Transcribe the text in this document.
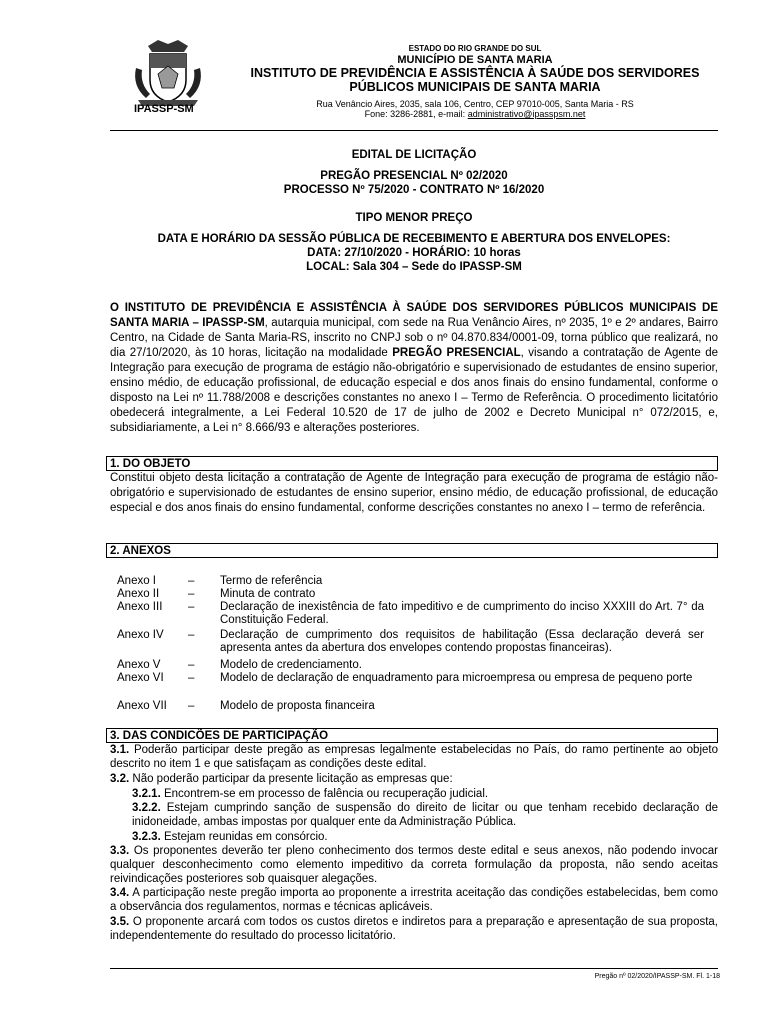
IPASSP-SM
ESTADO DO RIO GRANDE DO SUL
MUNICÍPIO DE SANTA MARIA
INSTITUTO DE PREVIDÊNCIA E ASSISTÊNCIA À SAÚDE DOS SERVIDORES
PÚBLICOS MUNICIPAIS DE SANTA MARIA
Rua Venâncio Aires, 2035, sala 106, Centro, CEP 97010-005, Santa Maria - RS
Fone: 3286-2881, e-mail: administrativo@ipasspsm.net
EDITAL DE LICITAÇÃO
PREGÃO PRESENCIAL Nº 02/2020
PROCESSO Nº 75/2020 - CONTRATO Nº 16/2020
TIPO MENOR PREÇO
DATA E HORÁRIO DA SESSÃO PÚBLICA DE RECEBIMENTO E ABERTURA DOS ENVELOPES:
DATA: 27/10/2020 - HORÁRIO: 10 horas
LOCAL: Sala 304 – Sede do IPASSP-SM
O INSTITUTO DE PREVIDÊNCIA E ASSISTÊNCIA À SAÚDE DOS SERVIDORES PÚBLICOS MUNICIPAIS DE SANTA MARIA – IPASSP-SM, autarquia municipal, com sede na Rua Venâncio Aires, nº 2035, 1º e 2º andares, Bairro Centro, na Cidade de Santa Maria-RS, inscrito no CNPJ sob o nº 04.870.834/0001-09, torna público que realizará, no dia 27/10/2020, às 10 horas, licitação na modalidade PREGÃO PRESENCIAL, visando a contratação de Agente de Integração para execução de programa de estágio não-obrigatório e supervisionado de estudantes de ensino superior, ensino médio, de educação profissional, de educação especial e dos anos finais do ensino fundamental, conforme o disposto na Lei nº 11.788/2008 e descrições constantes no anexo I – Termo de Referência. O procedimento licitatório obedecerá integralmente, a Lei Federal 10.520 de 17 de julho de 2002 e Decreto Municipal n° 072/2015, e, subsidiariamente, a Lei n° 8.666/93 e alterações posteriores.
1. DO OBJETO
Constitui objeto desta licitação a contratação de Agente de Integração para execução de programa de estágio não-obrigatório e supervisionado de estudantes de ensino superior, ensino médio, de educação profissional, de educação especial e dos anos finais do ensino fundamental, conforme descrições constantes no anexo I – termo de referência.
2. ANEXOS
Anexo I	–	Termo de referência
Anexo II	–	Minuta de contrato
Anexo III	–	Declaração de inexistência de fato impeditivo e de cumprimento do inciso XXXIII do Art. 7° da Constituição Federal.
Anexo IV	–	Declaração de cumprimento dos requisitos de habilitação (Essa declaração deverá ser apresenta antes da abertura dos envelopes contendo propostas financeiras).
Anexo V	–	Modelo de credenciamento.
Anexo VI	–	Modelo de declaração de enquadramento para microempresa ou empresa de pequeno porte
Anexo VII	–	Modelo de proposta financeira
3. DAS CONDICÕES DE PARTICIPAÇÃO
3.1. Poderão participar deste pregão as empresas legalmente estabelecidas no País, do ramo pertinente ao objeto descrito no item 1 e que satisfaçam as condições deste edital.
3.2. Não poderão participar da presente licitação as empresas que:
3.2.1. Encontrem-se em processo de falência ou recuperação judicial.
3.2.2. Estejam cumprindo sanção de suspensão do direito de licitar ou que tenham recebido declaração de inidoneidade, ambas impostas por qualquer ente da Administração Pública.
3.2.3. Estejam reunidas em consórcio.
3.3. Os proponentes deverão ter pleno conhecimento dos termos deste edital e seus anexos, não podendo invocar qualquer desconhecimento como elemento impeditivo da correta formulação da proposta, não sendo aceitas reivindicações posteriores sob quaisquer alegações.
3.4. A participação neste pregão importa ao proponente a irrestrita aceitação das condições estabelecidas, bem como a observância dos regulamentos, normas e técnicas aplicáveis.
3.5. O proponente arcará com todos os custos diretos e indiretos para a preparação e apresentação de sua proposta, independentemente do resultado do processo licitatório.
Pregão nº 02/2020/IPASSP-SM. Fl. 1-18
